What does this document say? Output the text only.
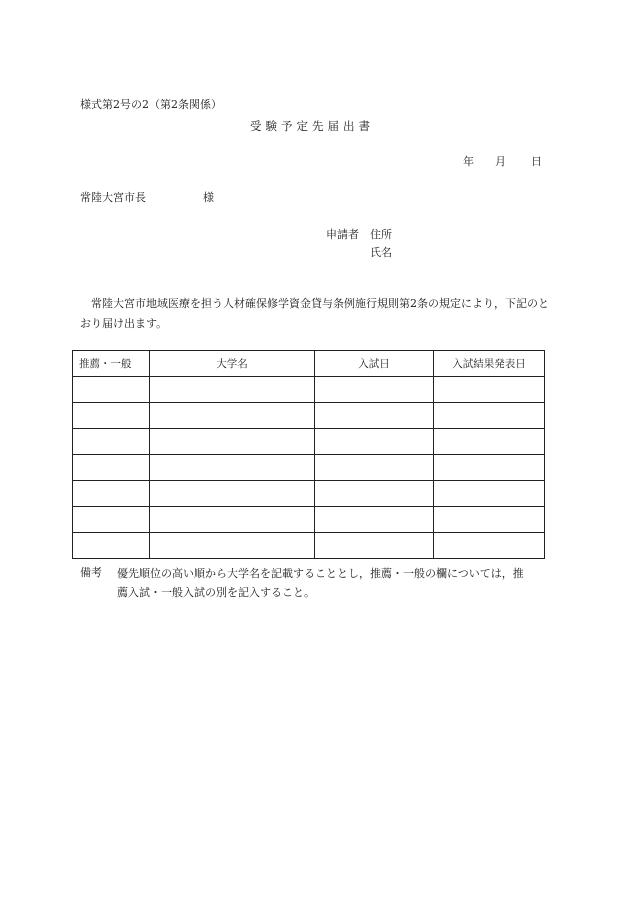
様式第2号の2（第2条関係）
受験予定先届出書
年 月 日
常陸大宮市長	様
申請者 住所
氏名
常陸大宮市地域医療を担う人材確保修学資金貸与条例施行規則第2条の規定により，下記のとおり届け出ます。
推薦・一般	大学名	入試日	入試結果発表日

備考 優先順位の高い順から大学名を記載することとし，推薦・一般の欄については，推
薦入試・一般入試の別を記入すること。
